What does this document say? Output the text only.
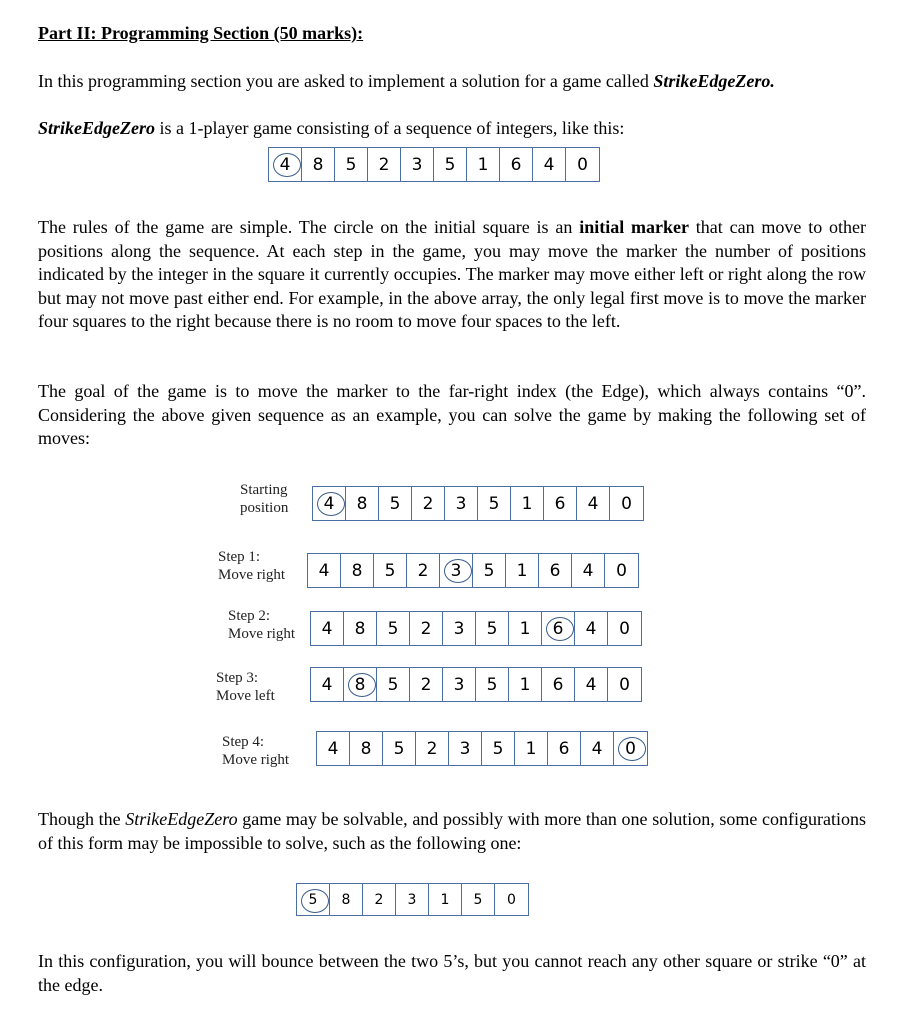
Part II: Programming Section (50 marks):

In this programming section you are asked to implement a solution for a game called StrikeEdgeZero.

StrikeEdgeZero is a 1-player game consisting of a sequence of integers, like this:

The rules of the game are simple. The circle on the initial square is an initial marker that can move to other positions along the sequence. At each step in the game, you may move the marker the number of positions indicated by the integer in the square it currently occupies. The marker may move either left or right along the row but may not move past either end. For example, in the above array, the only legal first move is to move the marker four squares to the right because there is no room to move four spaces to the left.

The goal of the game is to move the marker to the far-right index (the Edge), which always contains “0”. Considering the above given sequence as an example, you can solve the game by making the following set of moves:

Though the StrikeEdgeZero game may be solvable, and possibly with more than one solution, some configurations of this form may be impossible to solve, such as the following one:

In this configuration, you will bounce between the two 5’s, but you cannot reach any other square or strike “0” at the edge.

4 8 5 2 3 5 1 6 4 0
Starting
position 4 8 5 2 3 5 1 6 4 0
Step 1:
Move right 4 8 5 2 3 5 1 6 4 0
Step 2:
Move right 4 8 5 2 3 5 1 6 4 0
Step 3:
Move left
4 8 5 2 3 5 1 6 4 0
Step 4:
Move right
4 8 5 2 3 5 1 6 4 0
5 8 2 3 1 5 0
